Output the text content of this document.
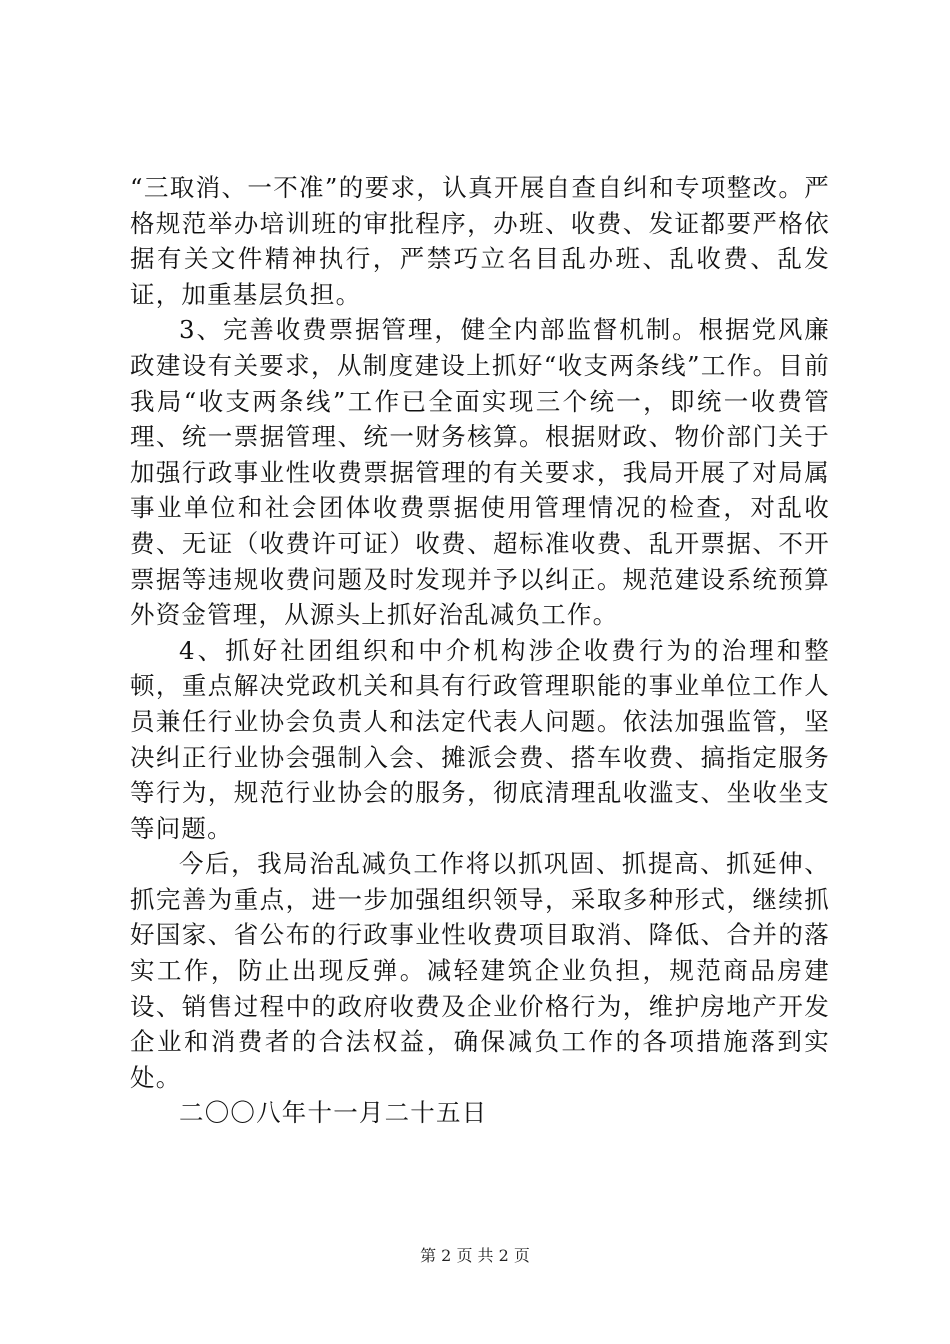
“三取消、一不准”的要求，认真开展自查自纠和专项整改。严格规范举办培训班的审批程序，办班、收费、发证都要严格依据有关文件精神执行，严禁巧立名目乱办班、乱收费、乱发证，加重基层负担。

3、完善收费票据管理，健全内部监督机制。根据党风廉政建设有关要求，从制度建设上抓好“收支两条线”工作。目前我局“收支两条线”工作已全面实现三个统一，即统一收费管理、统一票据管理、统一财务核算。根据财政、物价部门关于加强行政事业性收费票据管理的有关要求，我局开展了对局属事业单位和社会团体收费票据使用管理情况的检查，对乱收费、无证（收费许可证）收费、超标准收费、乱开票据、不开票据等违规收费问题及时发现并予以纠正。规范建设系统预算外资金管理，从源头上抓好治乱减负工作。

4、抓好社团组织和中介机构涉企收费行为的治理和整顿，重点解决党政机关和具有行政管理职能的事业单位工作人员兼任行业协会负责人和法定代表人问题。依法加强监管，坚决纠正行业协会强制入会、摊派会费、搭车收费、搞指定服务等行为，规范行业协会的服务，彻底清理乱收滥支、坐收坐支等问题。

今后，我局治乱减负工作将以抓巩固、抓提高、抓延伸、抓完善为重点，进一步加强组织领导，采取多种形式，继续抓好国家、省公布的行政事业性收费项目取消、降低、合并的落实工作，防止出现反弹。减轻建筑企业负担，规范商品房建设、销售过程中的政府收费及企业价格行为，维护房地产开发企业和消费者的合法权益，确保减负工作的各项措施落到实处。

二〇〇八年十一月二十五日

第 2 页 共 2 页
